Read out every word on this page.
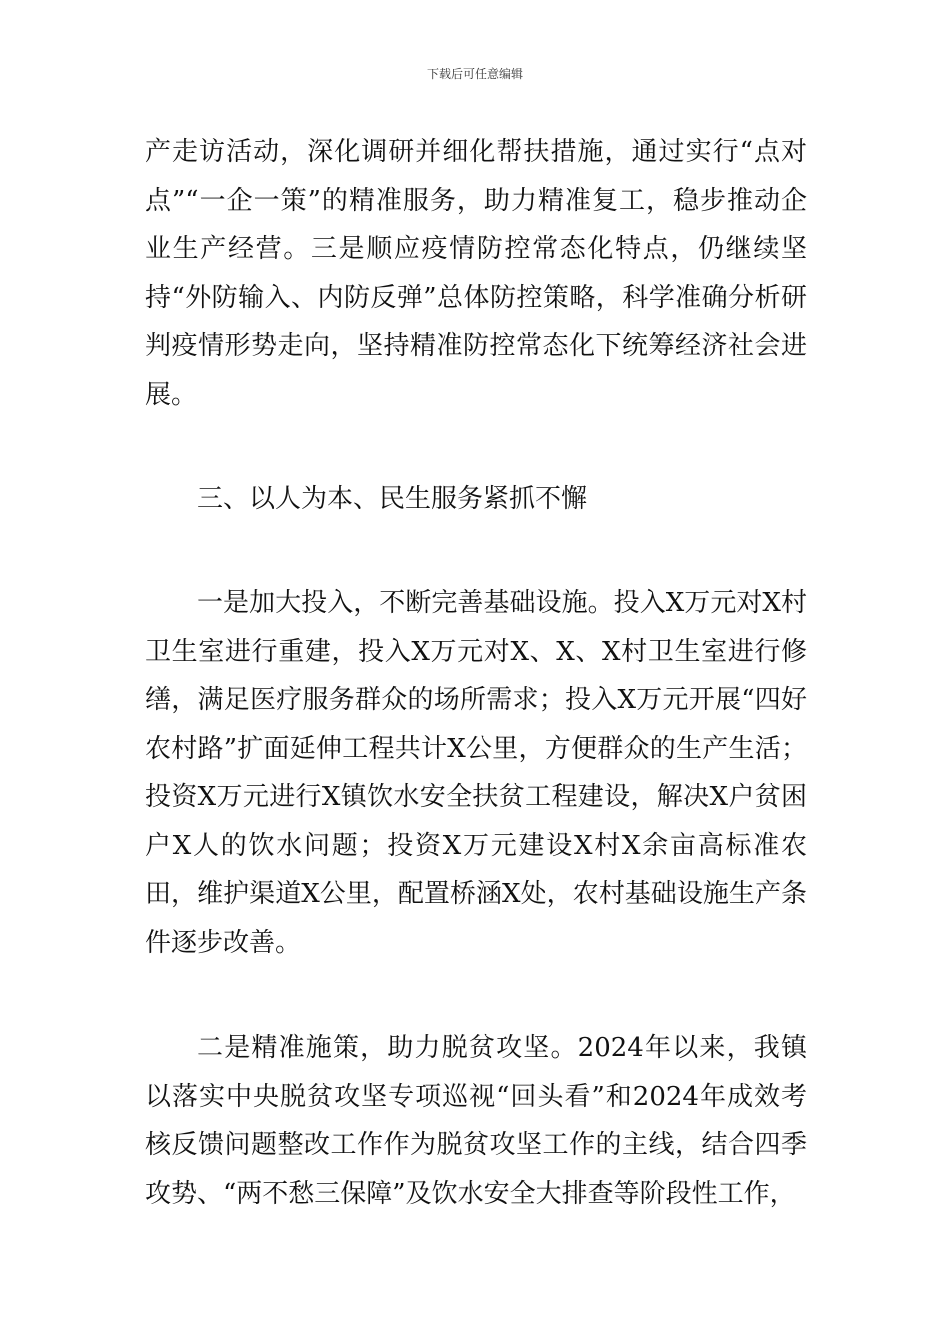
下载后可任意编辑

产走访活动，深化调研并细化帮扶措施，通过实行“点对点”“一企一策”的精准服务，助力精准复工，稳步推动企业生产经营。三是顺应疫情防控常态化特点，仍继续坚持“外防输入、内防反弹”总体防控策略，科学准确分析研判疫情形势走向，坚持精准防控常态化下统筹经济社会进展。

三、以人为本、民生服务紧抓不懈

一是加大投入，不断完善基础设施。投入X万元对X村卫生室进行重建，投入X万元对X、X、X村卫生室进行修缮，满足医疗服务群众的场所需求；投入X万元开展“四好农村路”扩面延伸工程共计X公里，方便群众的生产生活；投资X万元进行X镇饮水安全扶贫工程建设，解决X户贫困户X人的饮水问题；投资X万元建设X村X余亩高标准农田，维护渠道X公里，配置桥涵X处，农村基础设施生产条件逐步改善。

二是精准施策，助力脱贫攻坚。2024年以来，我镇以落实中央脱贫攻坚专项巡视“回头看”和2024年成效考核反馈问题整改工作作为脱贫攻坚工作的主线，结合四季攻势、“两不愁三保障”及饮水安全大排查等阶段性工作，
